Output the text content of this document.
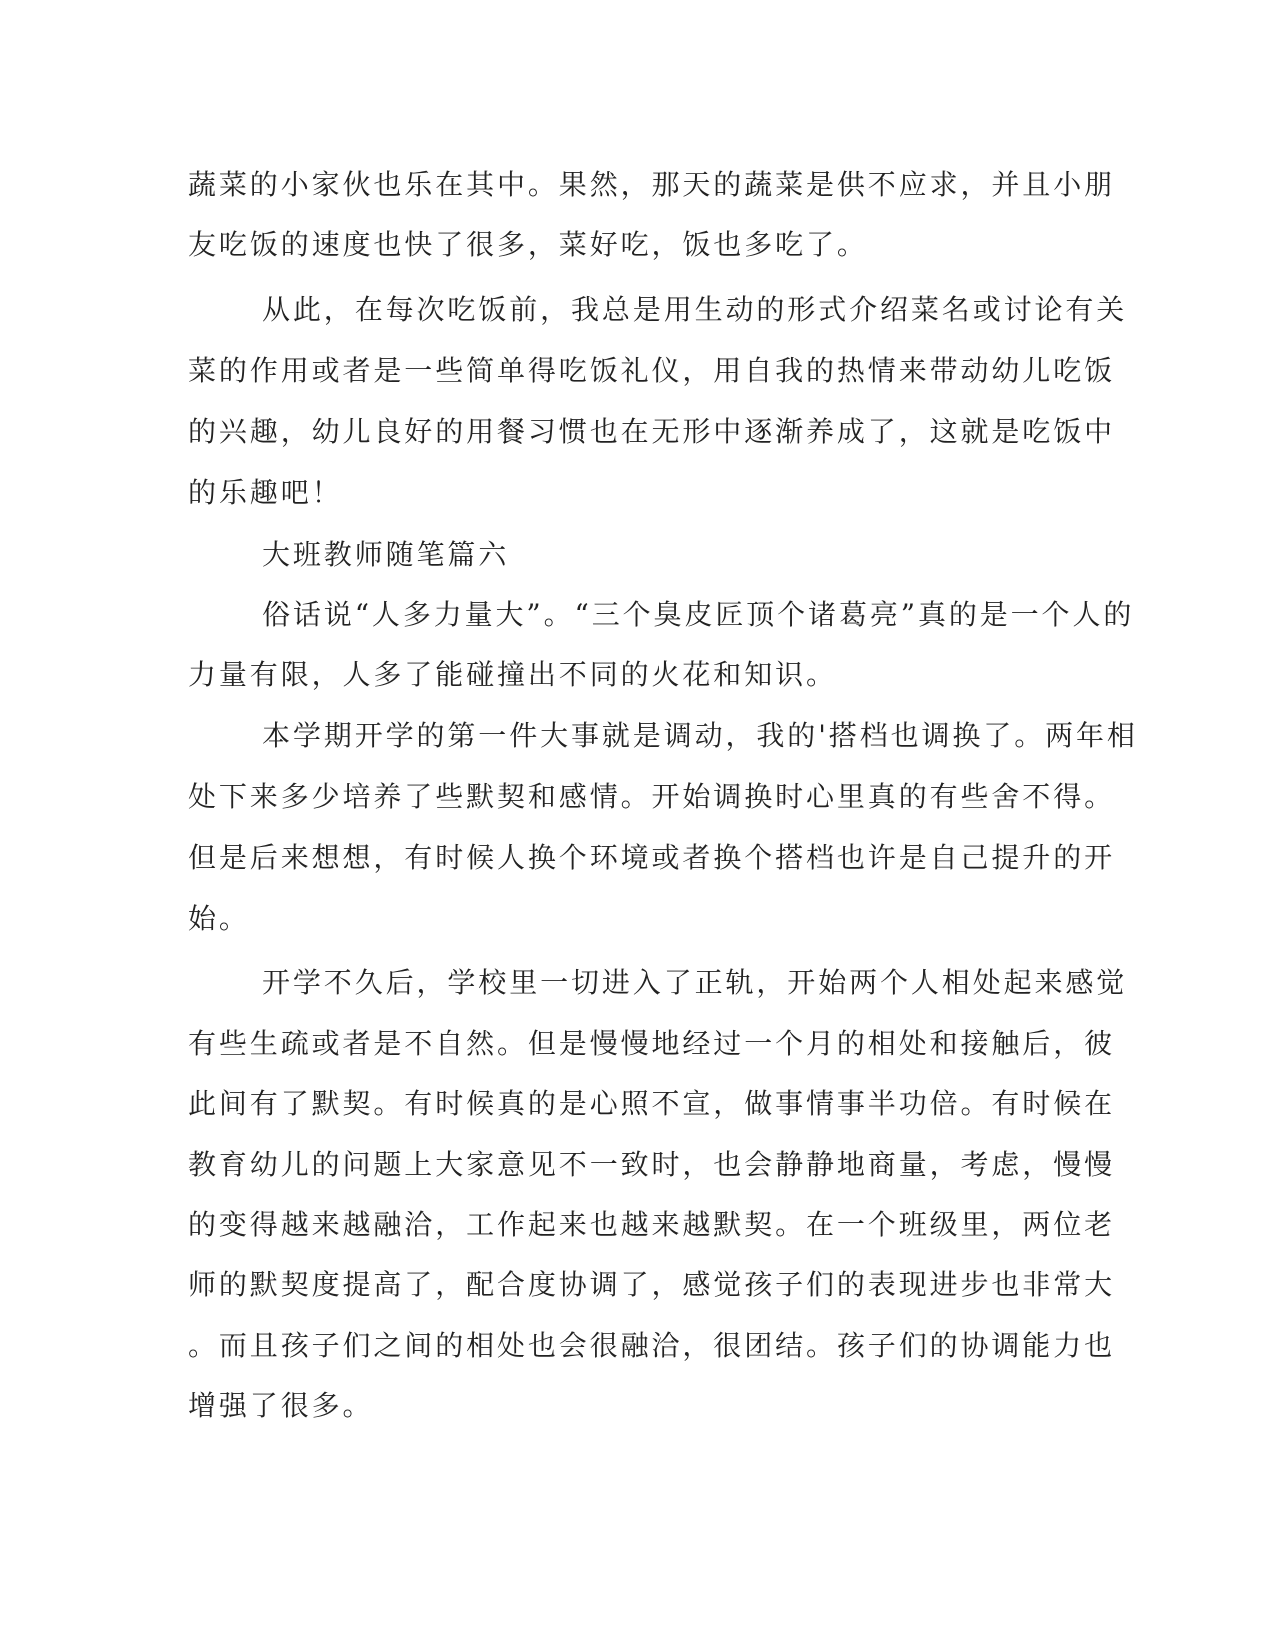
蔬菜的小家伙也乐在其中。果然，那天的蔬菜是供不应求，并且小朋
友吃饭的速度也快了很多，菜好吃，饭也多吃了。
从此，在每次吃饭前，我总是用生动的形式介绍菜名或讨论有关
菜的作用或者是一些简单得吃饭礼仪，用自我的热情来带动幼儿吃饭
的兴趣，幼儿良好的用餐习惯也在无形中逐渐养成了，这就是吃饭中
的乐趣吧！
大班教师随笔篇六
俗话说“人多力量大”。“三个臭皮匠顶个诸葛亮”真的是一个人的
力量有限，人多了能碰撞出不同的火花和知识。
本学期开学的第一件大事就是调动，我的'搭档也调换了。两年相
处下来多少培养了些默契和感情。开始调换时心里真的有些舍不得。
但是后来想想，有时候人换个环境或者换个搭档也许是自己提升的开
始。
开学不久后，学校里一切进入了正轨，开始两个人相处起来感觉
有些生疏或者是不自然。但是慢慢地经过一个月的相处和接触后，彼
此间有了默契。有时候真的是心照不宣，做事情事半功倍。有时候在
教育幼儿的问题上大家意见不一致时，也会静静地商量，考虑，慢慢
的变得越来越融洽，工作起来也越来越默契。在一个班级里，两位老
师的默契度提高了，配合度协调了，感觉孩子们的表现进步也非常大
。而且孩子们之间的相处也会很融洽，很团结。孩子们的协调能力也
增强了很多。
